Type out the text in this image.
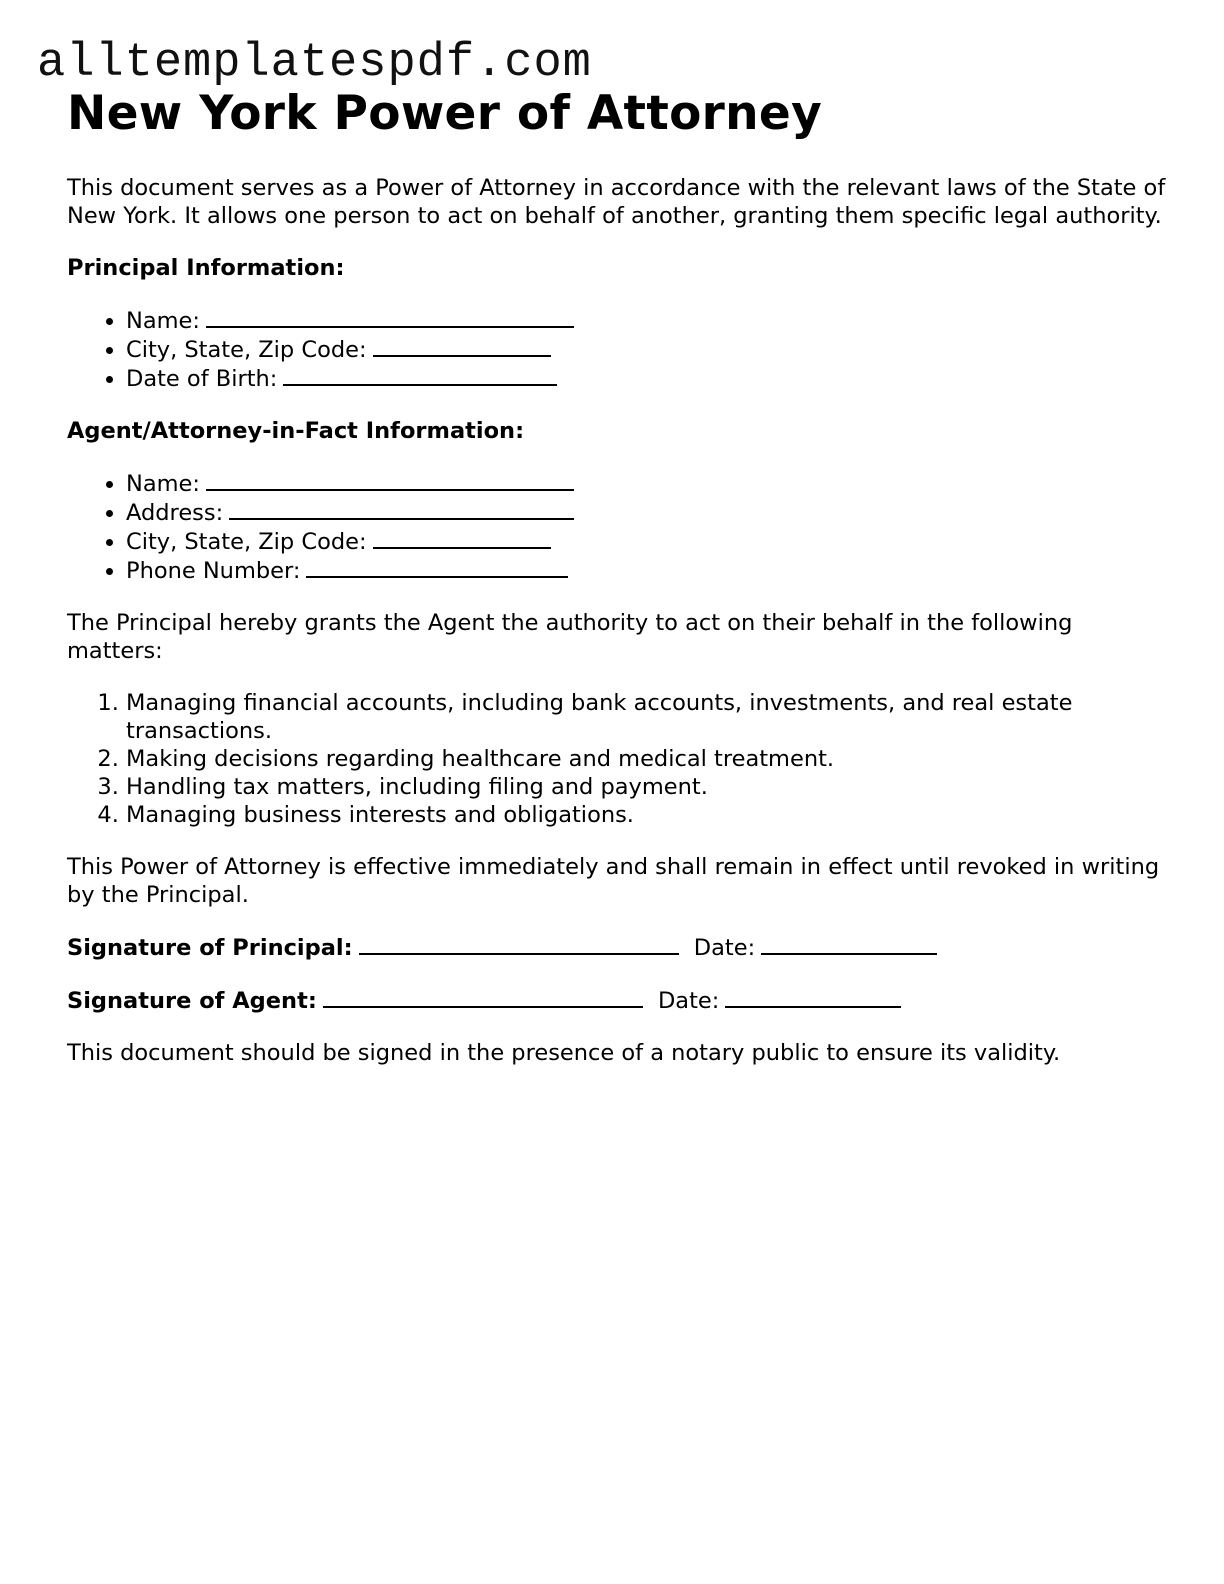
alltemplatespdf.com
New York Power of Attorney

This document serves as a Power of Attorney in accordance with the relevant laws of the State of New York. It allows one person to act on behalf of another, granting them specific legal authority.

Principal Information:

• Name:
• City, State, Zip Code:
• Date of Birth:

Agent/Attorney-in-Fact Information:

• Name:
• Address:
• City, State, Zip Code:
• Phone Number:

The Principal hereby grants the Agent the authority to act on their behalf in the following matters:

1. Managing financial accounts, including bank accounts, investments, and real estate transactions.
2. Making decisions regarding healthcare and medical treatment.
3. Handling tax matters, including filing and payment.
4. Managing business interests and obligations.

This Power of Attorney is effective immediately and shall remain in effect until revoked in writing by the Principal.

Signature of Principal:	Date:

Signature of Agent:	Date:

This document should be signed in the presence of a notary public to ensure its validity.
